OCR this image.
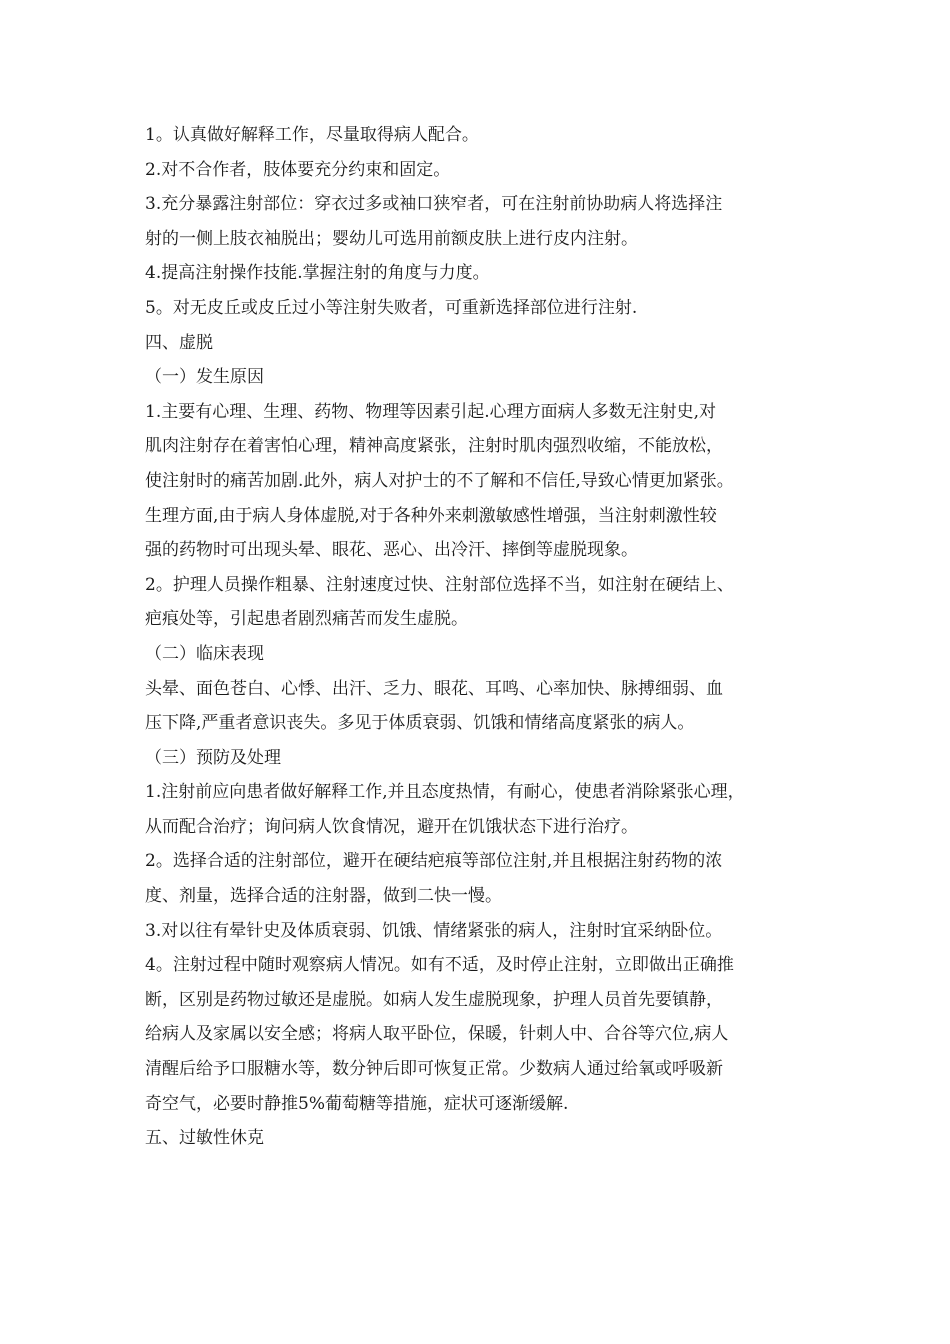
1。认真做好解释工作，尽量取得病人配合。
2.对不合作者，肢体要充分约束和固定。
3.充分暴露注射部位：穿衣过多或袖口狭窄者，可在注射前协助病人将选择注
射的一侧上肢衣袖脱出；婴幼儿可选用前额皮肤上进行皮内注射。
4.提高注射操作技能.掌握注射的角度与力度。
5。对无皮丘或皮丘过小等注射失败者，可重新选择部位进行注射.
四、虚脱
（一）发生原因
1.主要有心理、生理、药物、物理等因素引起.心理方面病人多数无注射史,对
肌肉注射存在着害怕心理，精神高度紧张，注射时肌肉强烈收缩，不能放松，
使注射时的痛苦加剧.此外，病人对护士的不了解和不信任,导致心情更加紧张。
生理方面,由于病人身体虚脱,对于各种外来刺激敏感性增强，当注射刺激性较
强的药物时可出现头晕、眼花、恶心、出冷汗、摔倒等虚脱现象。
2。护理人员操作粗暴、注射速度过快、注射部位选择不当，如注射在硬结上、
疤痕处等，引起患者剧烈痛苦而发生虚脱。
（二）临床表现
头晕、面色苍白、心悸、出汗、乏力、眼花、耳鸣、心率加快、脉搏细弱、血
压下降,严重者意识丧失。多见于体质衰弱、饥饿和情绪高度紧张的病人。
（三）预防及处理
1.注射前应向患者做好解释工作,并且态度热情，有耐心，使患者消除紧张心理，
从而配合治疗；询问病人饮食情况，避开在饥饿状态下进行治疗。
2。选择合适的注射部位，避开在硬结疤痕等部位注射,并且根据注射药物的浓
度、剂量，选择合适的注射器，做到二快一慢。
3.对以往有晕针史及体质衰弱、饥饿、情绪紧张的病人，注射时宜采纳卧位。
4。注射过程中随时观察病人情况。如有不适，及时停止注射，立即做出正确推
断，区别是药物过敏还是虚脱。如病人发生虚脱现象，护理人员首先要镇静，
给病人及家属以安全感；将病人取平卧位，保暖，针刺人中、合谷等穴位,病人
清醒后给予口服糖水等，数分钟后即可恢复正常。少数病人通过给氧或呼吸新
奇空气，必要时静推5%葡萄糖等措施，症状可逐渐缓解.
五、过敏性休克
